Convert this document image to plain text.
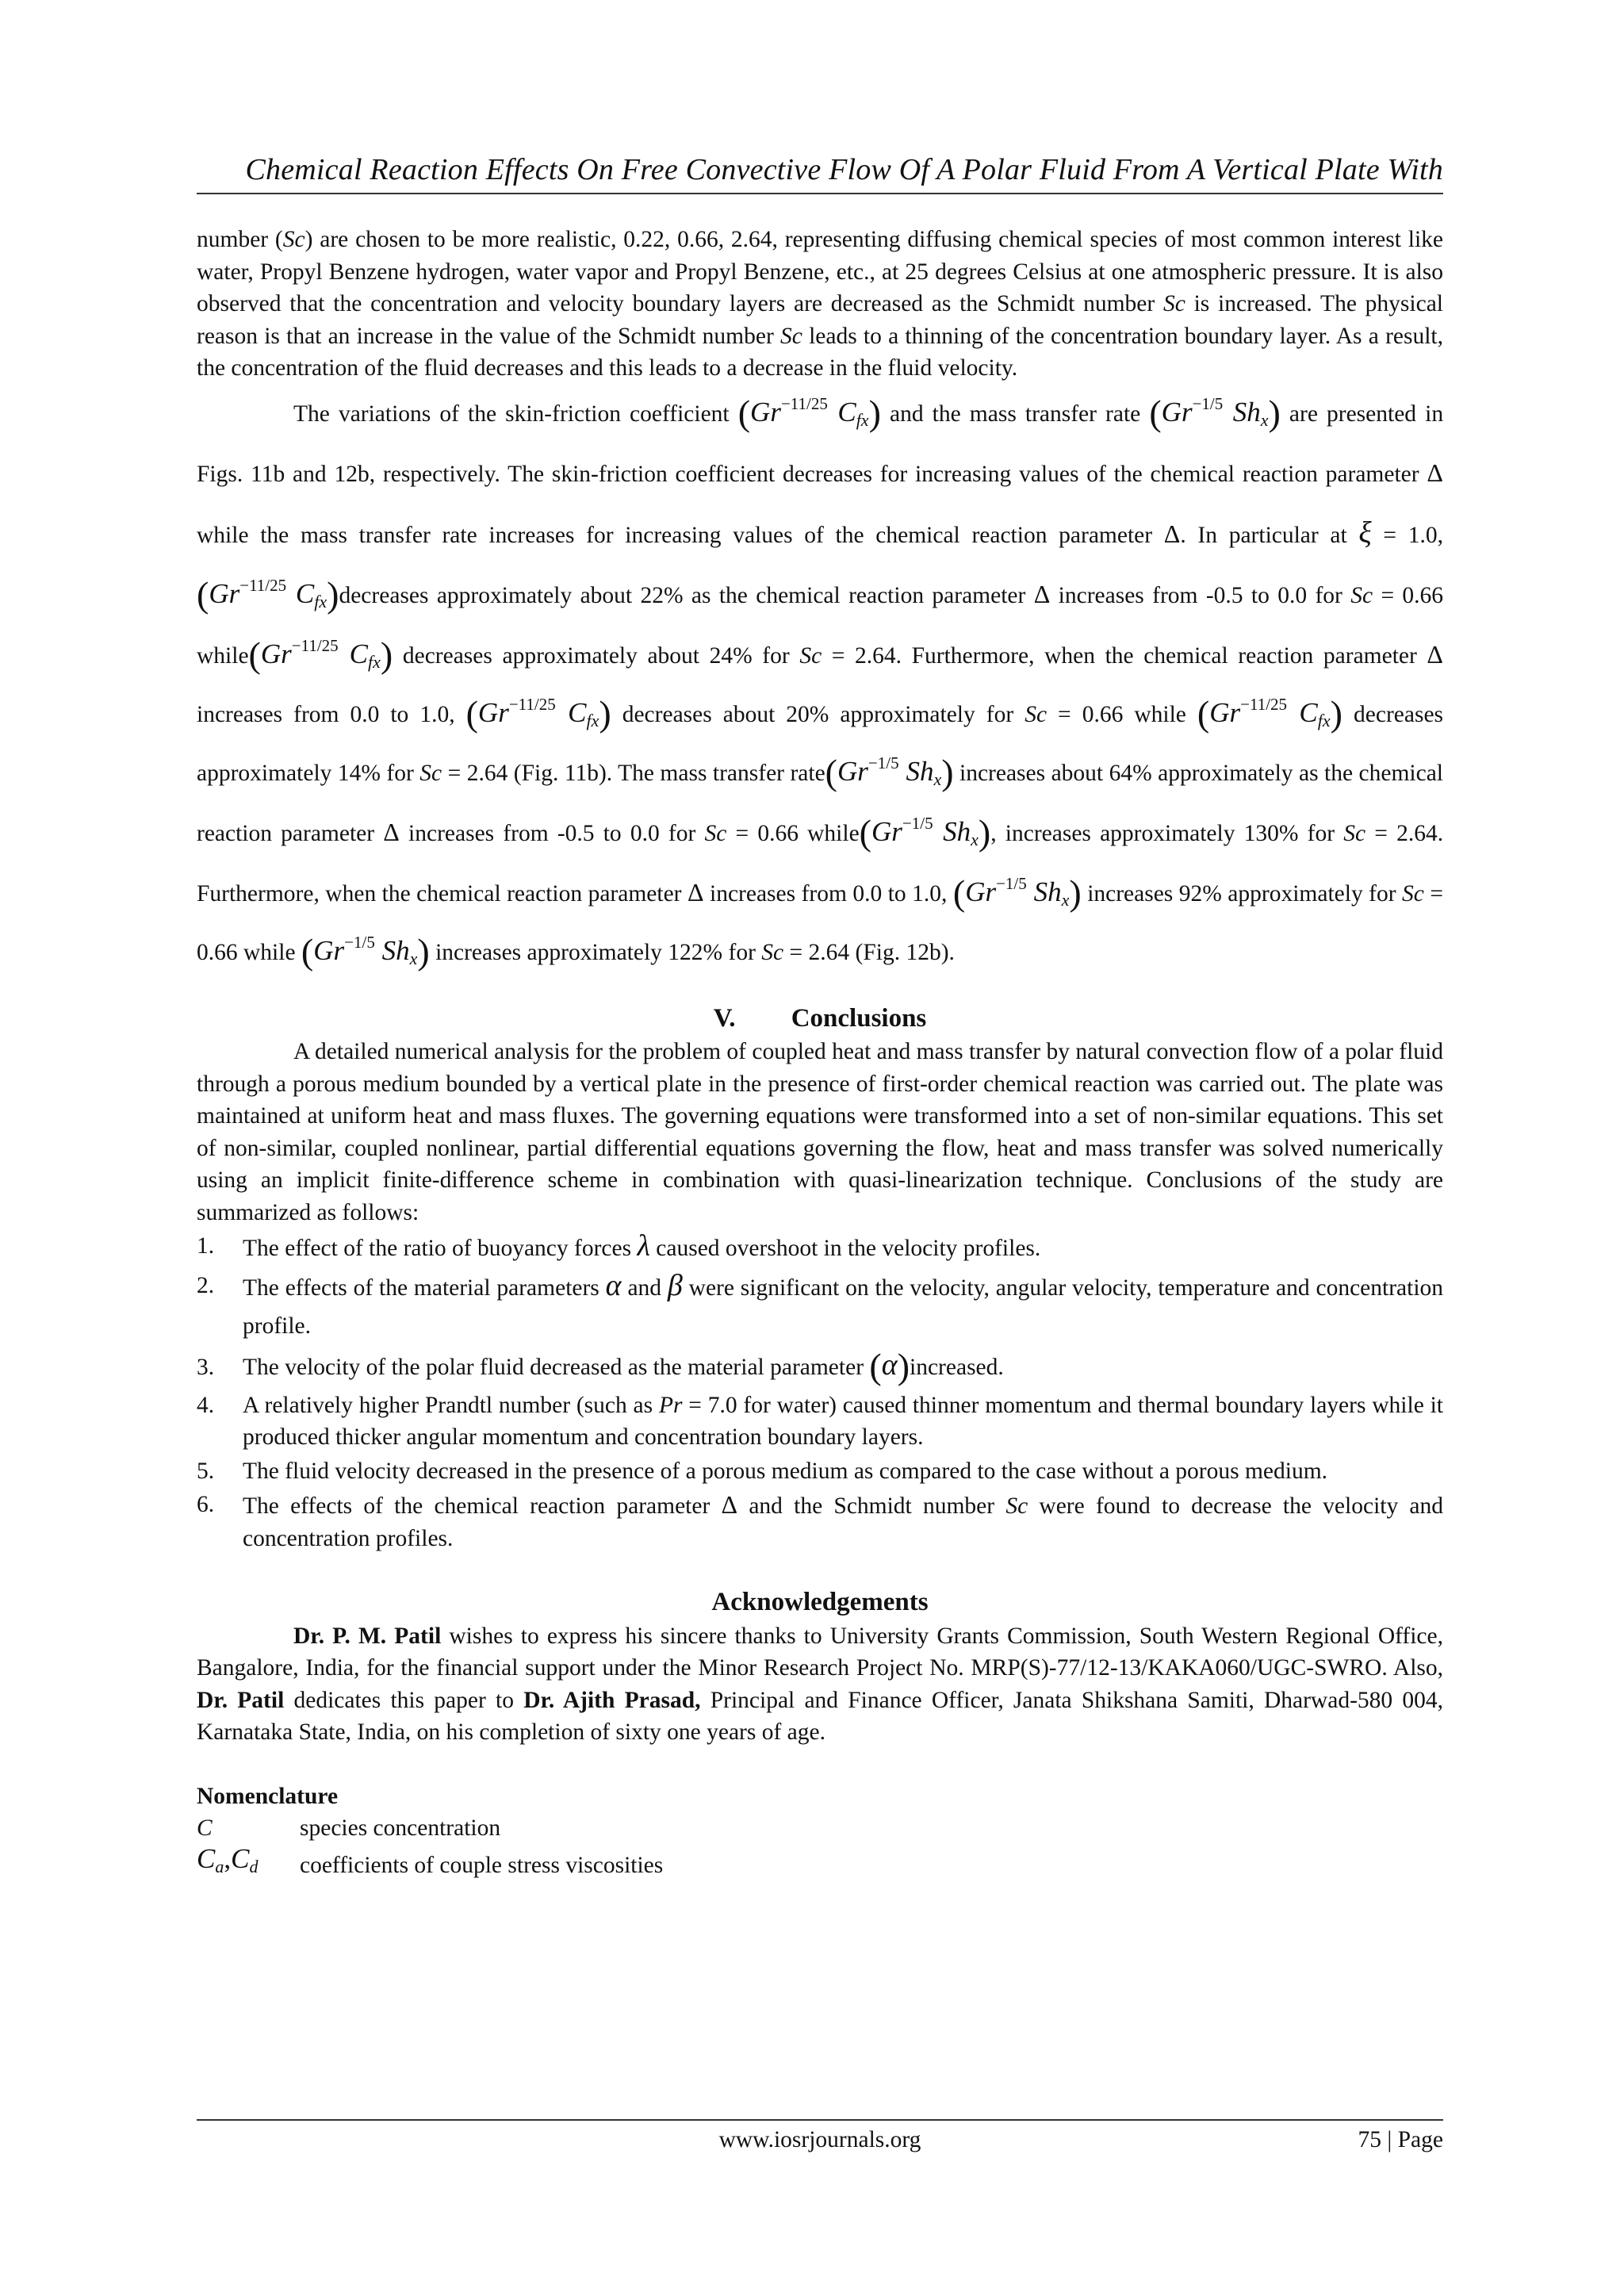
Chemical Reaction Effects On Free Convective Flow Of A Polar Fluid From A Vertical Plate With

number (Sc) are chosen to be more realistic, 0.22, 0.66, 2.64, representing diffusing chemical species of most common interest like water, Propyl Benzene hydrogen, water vapor and Propyl Benzene, etc., at 25 degrees Celsius at one atmospheric pressure. It is also observed that the concentration and velocity boundary layers are decreased as the Schmidt number Sc is increased. The physical reason is that an increase in the value of the Schmidt number Sc leads to a thinning of the concentration boundary layer. As a result, the concentration of the fluid decreases and this leads to a decrease in the fluid velocity.

The variations of the skin-friction coefficient ($Gr^{-11/25}$ $C_{fx}$) and the mass transfer rate ($Gr^{-1/5}$ $Sh_x$) are presented in Figs. 11b and 12b, respectively. The skin-friction coefficient decreases for increasing values of the chemical reaction parameter Δ while the mass transfer rate increases for increasing values of the chemical reaction parameter Δ. In particular at ξ = 1.0, ($Gr^{-11/25}$ $C_{fx})decreases$ approximately about 22% as the chemical reaction parameter Δ increases from -0.5 to 0.0 for Sc = 0.66 $while(Gr^{-11/25}$ $C_{fx}$) decreases approximately about 24% for Sc = 2.64. Furthermore, when the chemical reaction parameter Δ increases from 0.0 to 1.0, ($Gr^{-11/25}$ $C_{fx}$) decreases about 20% approximately for Sc = 0.66 while ($Gr^{-11/25}$ $C_{fx}$) decreases approximately 14% for Sc = 2.64 (Fig. 11b). The mass transfer $rate(Gr^{-1/5}$ $Sh_x$) increases about 64% approximately as the chemical reaction parameter Δ increases from -0.5 to 0.0 for Sc = 0.66 $while(Gr^{-1/5}$ $Sh_x$), increases approximately 130% for Sc = 2.64. Furthermore, when the chemical reaction parameter Δ increases from 0.0 to 1.0, ($Gr^{-1/5}$ $Sh_x$) increases 92% approximately for Sc = 0.66 while ($Gr^{-1/5}$ $Sh_x$) increases approximately 122% for Sc = 2.64 (Fig. 12b).

V. Conclusions

A detailed numerical analysis for the problem of coupled heat and mass transfer by natural convection flow of a polar fluid through a porous medium bounded by a vertical plate in the presence of first-order chemical reaction was carried out. The plate was maintained at uniform heat and mass fluxes. The governing equations were transformed into a set of non-similar equations. This set of non-similar, coupled nonlinear, partial differential equations governing the flow, heat and mass transfer was solved numerically using an implicit finite-difference scheme in combination with quasi-linearization technique. Conclusions of the study are summarized as follows:

1. The effect of the ratio of buoyancy forces λ caused overshoot in the velocity profiles.
2. The effects of the material parameters α and β were significant on the velocity, angular velocity, temperature and concentration profile.
3. The velocity of the polar fluid decreased as the material parameter (α)increased.
4. A relatively higher Prandtl number (such as Pr = 7.0 for water) caused thinner momentum and thermal boundary layers while it produced thicker angular momentum and concentration boundary layers.
5. The fluid velocity decreased in the presence of a porous medium as compared to the case without a porous medium.
6. The effects of the chemical reaction parameter Δ and the Schmidt number Sc were found to decrease the velocity and concentration profiles.
Acknowledgements

Dr. P. M. Patil wishes to express his sincere thanks to University Grants Commission, South Western Regional Office, Bangalore, India, for the financial support under the Minor Research Project No. MRP(S)-77/12-13/KAKA060/UGC-SWRO. Also, Dr. Patil dedicates this paper to Dr. Ajith Prasad, Principal and Finance Officer, Janata Shikshana Samiti, Dharwad-580 004, Karnataka State, India, on his completion of sixty one years of age.

Nomenclature
C	species concentration
$C_a,C_d$	coefficients of couple stress viscosities
www.iosrjournals.org	75 | Page
